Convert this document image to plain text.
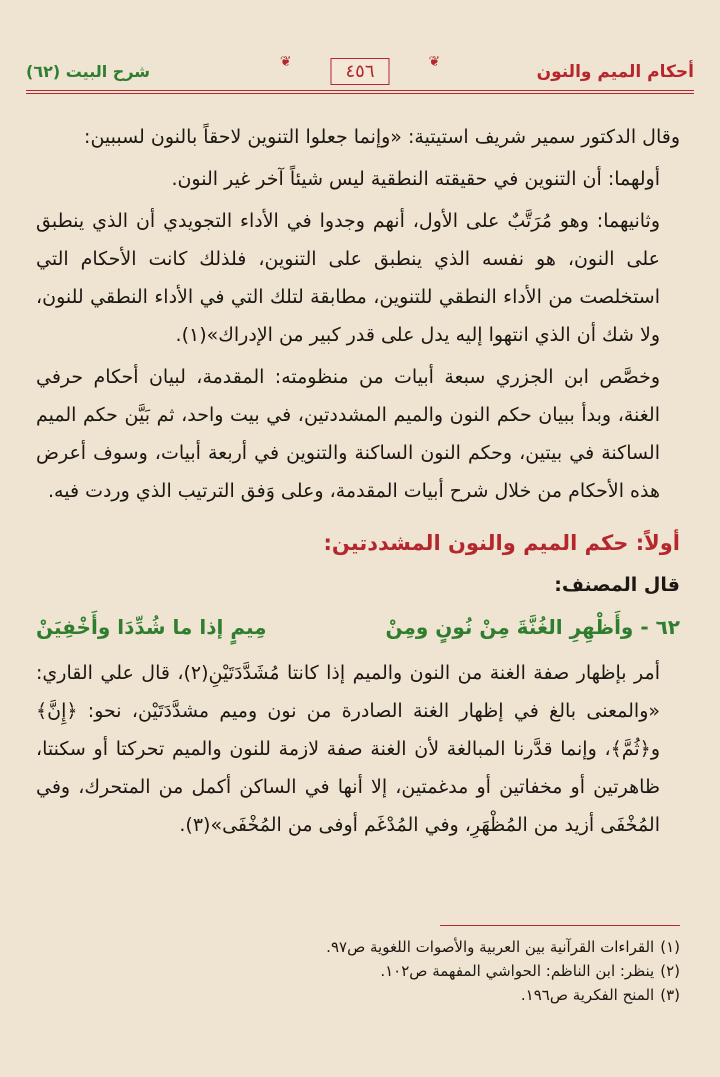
أحكام الميم والنون
❦
٤٥٦
❦
شرح البيت (٦٢)

وقال الدكتور سمير شريف استيتية: «وإنما جعلوا التنوين لاحقاً بالنون لسببين:

أولهما: أن التنوين في حقيقته النطقية ليس شيئاً آخر غير النون.

وثانيهما: وهو مُرَتَّبٌ على الأول، أنهم وجدوا في الأداء التجويدي أن الذي ينطبق على النون، هو نفسه الذي ينطبق على التنوين، فلذلك كانت الأحكام التي استخلصت من الأداء النطقي للتنوين، مطابقة لتلك التي في الأداء النطقي للنون، ولا شك أن الذي انتهوا إليه يدل على قدر كبير من الإدراك»(١).

وخصَّص ابن الجزري سبعة أبيات من منظومته: المقدمة، لبيان أحكام حرفي الغنة، وبدأ ببيان حكم النون والميم المشددتين، في بيت واحد، ثم بَيَّن حكم الميم الساكنة في بيتين، وحكم النون الساكنة والتنوين في أربعة أبيات، وسوف أعرض هذه الأحكام من خلال شرح أبيات المقدمة، وعلى وَفق الترتيب الذي وردت فيه.

أولاً: حكم الميم والنون المشددتين:

قال المصنف:

٦٢ - وأَظْهِرِ الغُنَّةَ مِنْ نُونٍ ومِنْ
مِيمٍ إذا ما شُدِّدَا وأَخْفِيَنْ

أمر بإظهار صفة الغنة من النون والميم إذا كانتا مُشَدَّدَتَيْنِ(٢)، قال علي القاري: «والمعنى بالغ في إظهار الغنة الصادرة من نون وميم مشدَّدَتَيْن، نحو: ﴿إِنَّ﴾ و﴿ثُمَّ﴾، وإنما قدَّرنا المبالغة لأن الغنة صفة لازمة للنون والميم تحركتا أو سكنتا، ظاهرتين أو مخفاتين أو مدغمتين، إلا أنها في الساكن أكمل من المتحرك، وفي المُخْفَى أزيد من المُظْهَرِ، وفي المُدْغَم أوفى من المُخْفَى»(٣).

(١)القراءات القرآنية بين العربية والأصوات اللغوية ص٩٧.
(٢)ينظر: ابن الناظم: الحواشي المفهمة ص١٠٢.
(٣)المنح الفكرية ص١٩٦.
